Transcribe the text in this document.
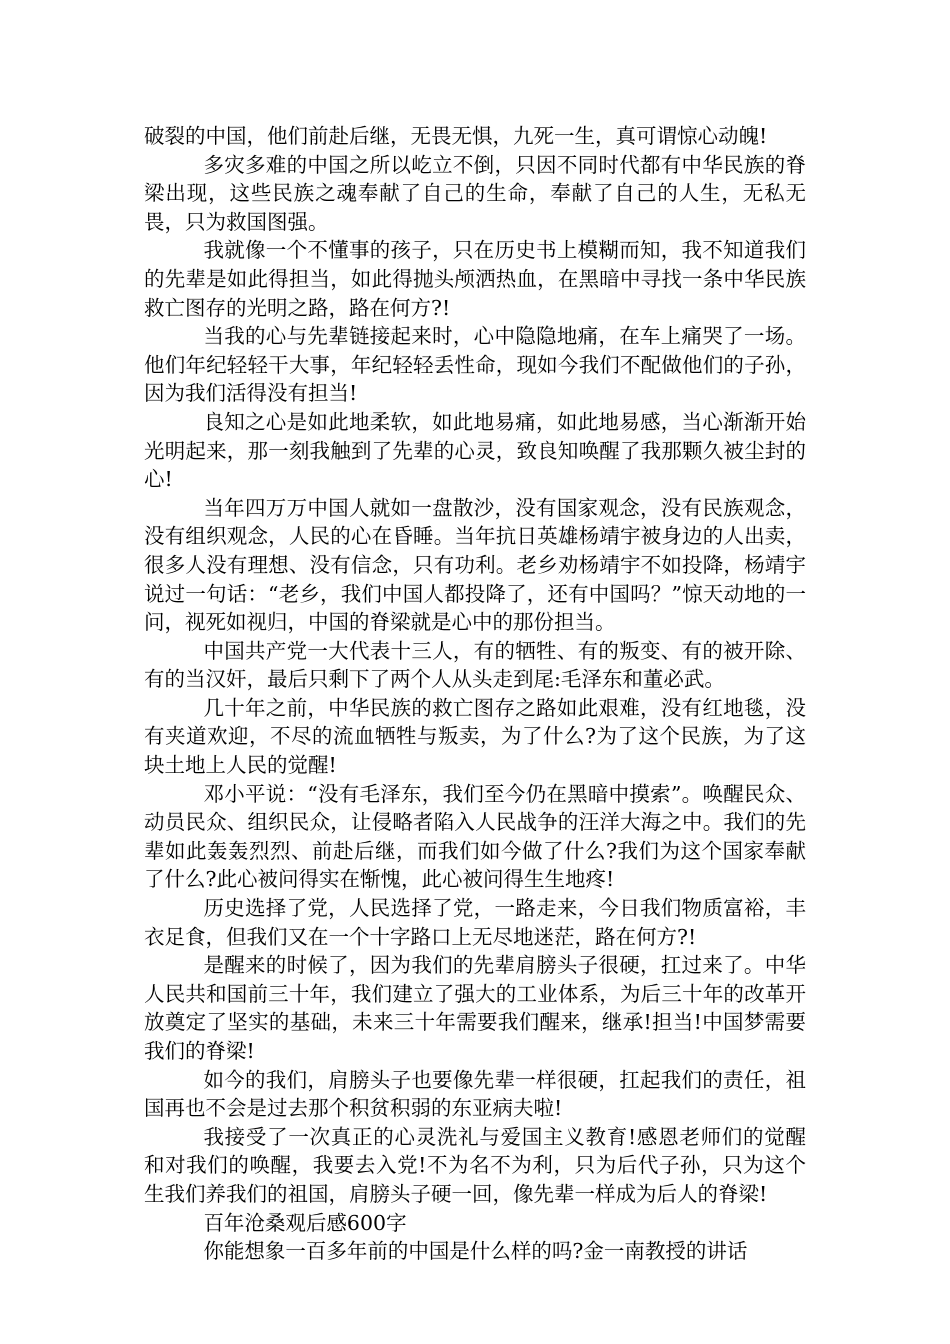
破裂的中国，他们前赴后继，无畏无惧，九死一生，真可谓惊心动魄!

多灾多难的中国之所以屹立不倒，只因不同时代都有中华民族的脊梁出现，这些民族之魂奉献了自己的生命，奉献了自己的人生，无私无畏，只为救国图强。

我就像一个不懂事的孩子，只在历史书上模糊而知，我不知道我们的先辈是如此得担当，如此得抛头颅洒热血，在黑暗中寻找一条中华民族救亡图存的光明之路，路在何方?!

当我的心与先辈链接起来时，心中隐隐地痛，在车上痛哭了一场。他们年纪轻轻干大事，年纪轻轻丢性命，现如今我们不配做他们的子孙，因为我们活得没有担当!

良知之心是如此地柔软，如此地易痛，如此地易感，当心渐渐开始光明起来，那一刻我触到了先辈的心灵，致良知唤醒了我那颗久被尘封的心!

当年四万万中国人就如一盘散沙，没有国家观念，没有民族观念，没有组织观念，人民的心在昏睡。当年抗日英雄杨靖宇被身边的人出卖，很多人没有理想、没有信念，只有功利。老乡劝杨靖宇不如投降，杨靖宇说过一句话：“老乡，我们中国人都投降了，还有中国吗？”惊天动地的一问，视死如视归，中国的脊梁就是心中的那份担当。

中国共产党一大代表十三人，有的牺牲、有的叛变、有的被开除、有的当汉奸，最后只剩下了两个人从头走到尾:毛泽东和董必武。

几十年之前，中华民族的救亡图存之路如此艰难，没有红地毯，没有夹道欢迎，不尽的流血牺牲与叛卖，为了什么?为了这个民族，为了这块土地上人民的觉醒!

邓小平说：“没有毛泽东，我们至今仍在黑暗中摸索”。唤醒民众、动员民众、组织民众，让侵略者陷入人民战争的汪洋大海之中。我们的先辈如此轰轰烈烈、前赴后继，而我们如今做了什么?我们为这个国家奉献了什么?此心被问得实在惭愧，此心被问得生生地疼!

历史选择了党，人民选择了党，一路走来，今日我们物质富裕，丰衣足食，但我们又在一个十字路口上无尽地迷茫，路在何方?!

是醒来的时候了，因为我们的先辈肩膀头子很硬，扛过来了。中华人民共和国前三十年，我们建立了强大的工业体系，为后三十年的改革开放奠定了坚实的基础，未来三十年需要我们醒来，继承!担当!中国梦需要我们的脊梁!

如今的我们，肩膀头子也要像先辈一样很硬，扛起我们的责任，祖国再也不会是过去那个积贫积弱的东亚病夫啦!

我接受了一次真正的心灵洗礼与爱国主义教育!感恩老师们的觉醒和对我们的唤醒，我要去入党!不为名不为利，只为后代子孙，只为这个生我们养我们的祖国，肩膀头子硬一回，像先辈一样成为后人的脊梁!

百年沧桑观后感600字

你能想象一百多年前的中国是什么样的吗?金一南教授的讲话
